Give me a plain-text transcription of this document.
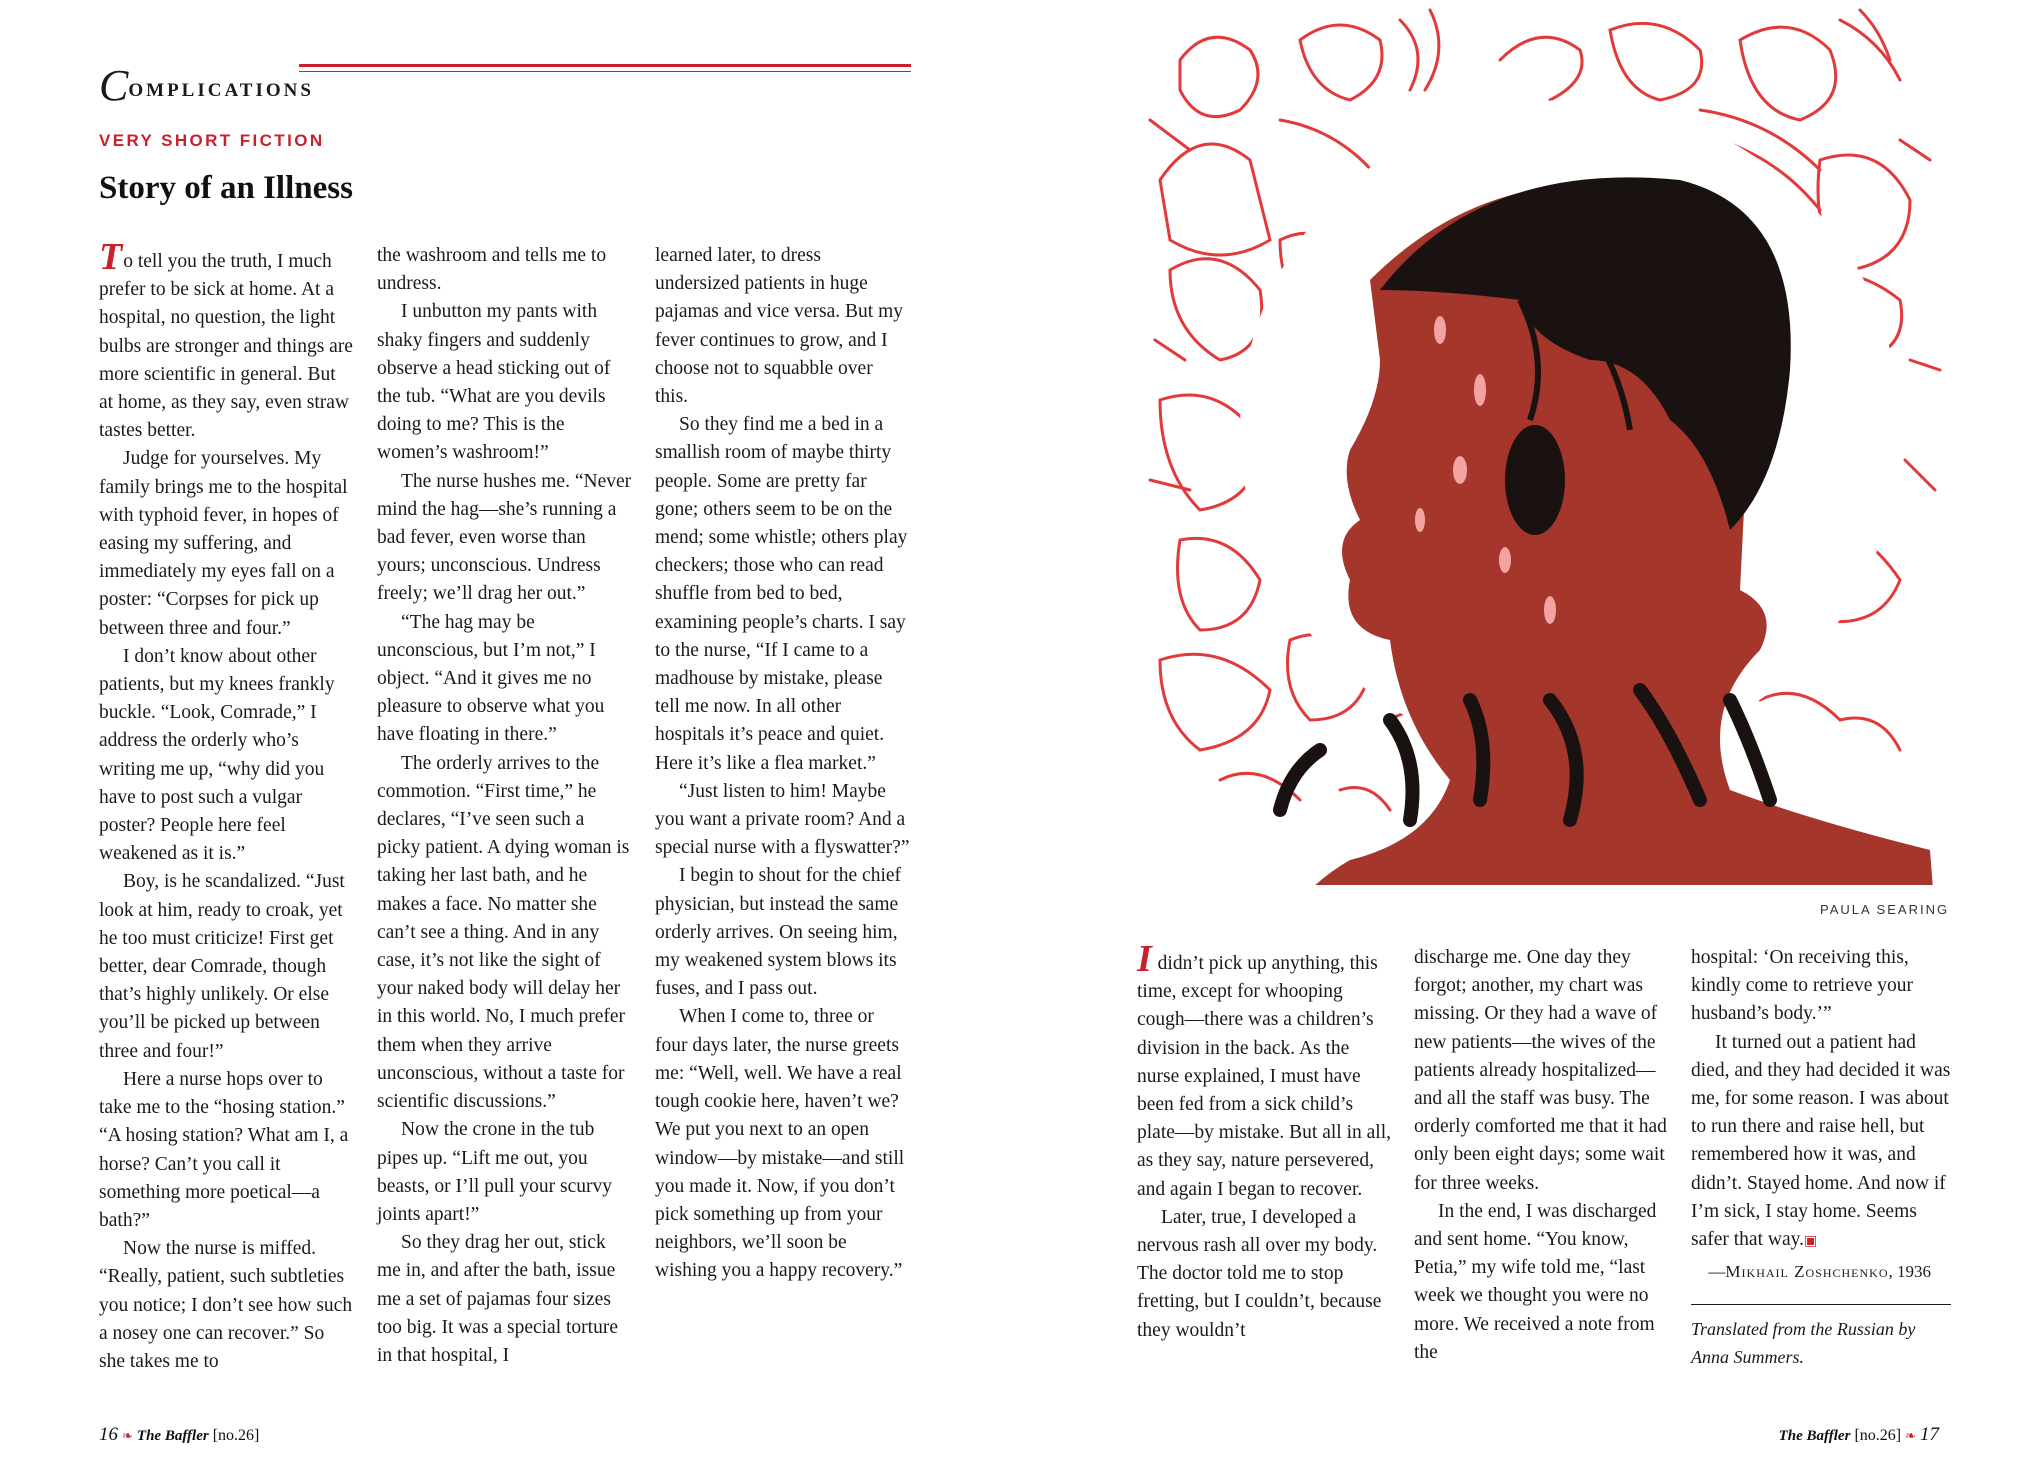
COMPLICATIONS
VERY SHORT FICTION
Story of an Illness

To tell you the truth, I much prefer to be sick at home. At a hospital, no question, the light bulbs are stronger and things are more scientific in general. But at home, as they say, even straw tastes better.

Judge for yourselves. My family brings me to the hospital with typhoid fever, in hopes of easing my suffering, and immediately my eyes fall on a poster: “Corpses for pick up between three and four.”

I don’t know about other patients, but my knees frankly buckle. “Look, Comrade,” I address the orderly who’s writing me up, “why did you have to post such a vulgar poster? People here feel weakened as it is.”

Boy, is he scandalized. “Just look at him, ready to croak, yet he too must criticize! First get better, dear Comrade, though that’s highly unlikely. Or else you’ll be picked up between three and four!”

Here a nurse hops over to take me to the “hosing station.” “A hosing station? What am I, a horse? Can’t you call it something more poetical—a bath?”

Now the nurse is miffed. “Really, patient, such subtleties you notice; I don’t see how such a nosey one can recover.” So she takes me to

the washroom and tells me to undress.

I unbutton my pants with shaky fingers and suddenly observe a head sticking out of the tub. “What are you devils doing to me? This is the women’s washroom!”

The nurse hushes me. “Never mind the hag—she’s running a bad fever, even worse than yours; unconscious. Undress freely; we’ll drag her out.”

“The hag may be unconscious, but I’m not,” I object. “And it gives me no pleasure to observe what you have floating in there.”

The orderly arrives to the commotion. “First time,” he declares, “I’ve seen such a picky patient. A dying woman is taking her last bath, and he makes a face. No matter she can’t see a thing. And in any case, it’s not like the sight of your naked body will delay her in this world. No, I much prefer them when they arrive unconscious, without a taste for scientific discussions.”

Now the crone in the tub pipes up. “Lift me out, you beasts, or I’ll pull your scurvy joints apart!”

So they drag her out, stick me in, and after the bath, issue me a set of pajamas four sizes too big. It was a special torture in that hospital, I

learned later, to dress undersized patients in huge pajamas and vice versa. But my fever continues to grow, and I choose not to squabble over this.

So they find me a bed in a smallish room of maybe thirty people. Some are pretty far gone; others seem to be on the mend; some whistle; others play checkers; those who can read shuffle from bed to bed, examining people’s charts. I say to the nurse, “If I came to a madhouse by mistake, please tell me now. In all other hospitals it’s peace and quiet. Here it’s like a flea market.”

“Just listen to him! Maybe you want a private room? And a special nurse with a flyswatter?”

I begin to shout for the chief physician, but instead the same orderly arrives. On seeing him, my weakened system blows its fuses, and I pass out.

When I come to, three or four days later, the nurse greets me: “Well, well. We have a real tough cookie here, haven’t we? We put you next to an open window—by mistake—and still you made it. Now, if you don’t pick something up from your neighbors, we’ll soon be wishing you a happy recovery.”

PAULA SEARING

I didn’t pick up anything, this time, except for whooping cough—there was a children’s division in the back. As the nurse explained, I must have been fed from a sick child’s plate—by mistake. But all in all, as they say, nature persevered, and again I began to recover.

Later, true, I developed a nervous rash all over my body. The doctor told me to stop fretting, but I couldn’t, because they wouldn’t

discharge me. One day they forgot; another, my chart was missing. Or they had a wave of new patients—the wives of the patients already hospitalized—and all the staff was busy. The orderly comforted me that it had only been eight days; some wait for three weeks.

In the end, I was discharged and sent home. “You know, Petia,” my wife told me, “last week we thought you were no more. We received a note from the

hospital: ‘On receiving this, kindly come to retrieve your husband’s body.’”

It turned out a patient had died, and they had decided it was me, for some reason. I was about to run there and raise hell, but remembered how it was, and didn’t. Stayed home. And now if I’m sick, I stay home. Seems safer that way.▣

—Mikhail Zoshchenko, 1936
Translated from the Russian by Anna Summers.
16 ❧ The Baffler [no.26]	The Baffler [no.26] ❧ 17
